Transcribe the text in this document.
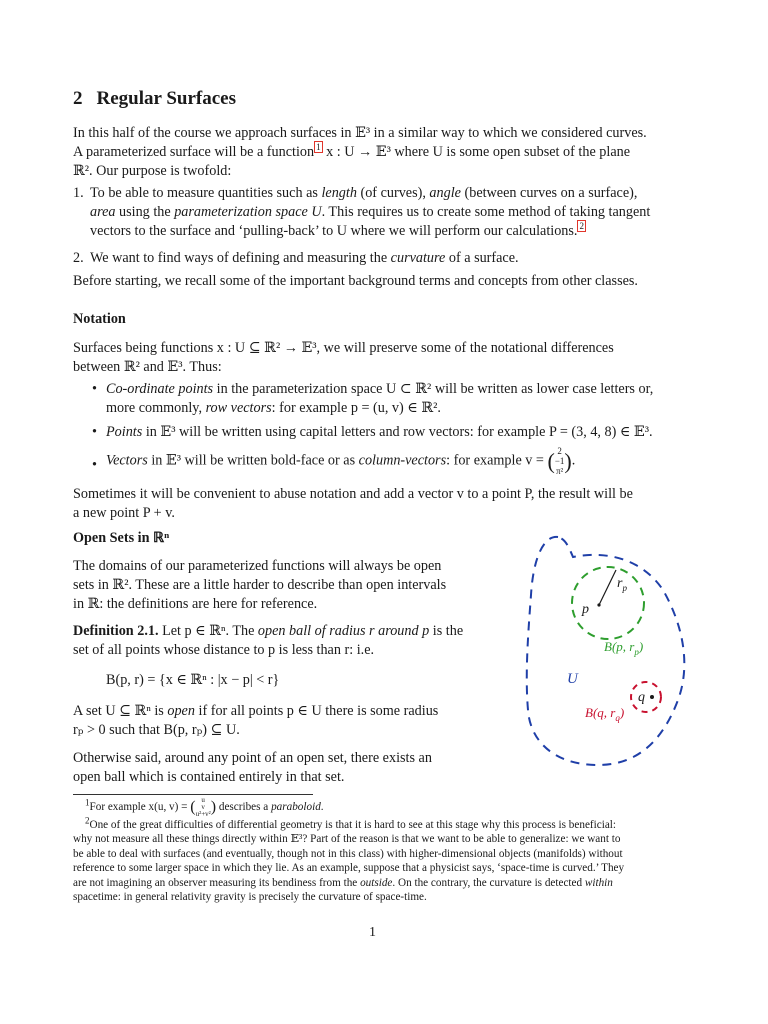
2 Regular Surfaces

In this half of the course we approach surfaces in 𝔼³ in a similar way to which we considered curves.

A parameterized surface will be a function $^1$ x : U → 𝔼³ where U is some open subset of the plane

ℝ². Our purpose is twofold:

1. To be able to measure quantities such as length (of curves), angle (between curves on a surface),

area using the parameterization space U. This requires us to create some method of taking tangent

vectors to the surface and ‘pulling-back’ to U where we will perform our calculations. $^2$

2. We want to find ways of defining and measuring the curvature of a surface.

Before starting, we recall some of the important background terms and concepts from other classes.

Notation

Surfaces being functions x : U ⊆ ℝ² → 𝔼³, we will preserve some of the notational differences

between ℝ² and 𝔼³. Thus:

• Co-ordinate points in the parameterization space U ⊂ ℝ² will be written as lower case letters or,

more commonly, row vectors: for example p = (u, v) ∈ ℝ².

• Points in 𝔼³ will be written using capital letters and row vectors: for example P = (3, 4, 8) ∈ 𝔼³.

• Vectors in 𝔼³ will be written bold-face or as column-vectors: for example v = ( 2
−1
π²).

Sometimes it will be convenient to abuse notation and add a vector v to a point P, the result will be

a new point P + v.

Open Sets in ℝⁿ

The domains of our parameterized functions will always be open

sets in ℝ². These are a little harder to describe than open intervals

in ℝ: the definitions are here for reference.

Definition 2.1. Let p ∈ ℝⁿ. The open ball of radius r around p is the

set of all points whose distance to p is less than r: i.e.

B(p, r) = {x ∈ ℝⁿ : |x − p| < r}

A set U ⊆ ℝⁿ is open if for all points p ∈ U there is some radius

rₚ > 0 such that B(p, rₚ) ⊆ U.

Otherwise said, around any point of an open set, there exists an

open ball which is contained entirely in that set.

p
$r_p$
B(p, $r_p$)
U
q
B(q, $r_q$)
$^1$For example x(u, v) = ( u
v
u²+v²) describes a paraboloid.

$^2$One of the great difficulties of differential geometry is that it is hard to see at this stage why this process is beneficial:

why not measure all these things directly within 𝔼³? Part of the reason is that we want to be able to generalize: we want to

be able to deal with surfaces (and eventually, though not in this class) with higher-dimensional objects (manifolds) without

reference to some larger space in which they lie. As an example, suppose that a physicist says, ‘space-time is curved.’ They

are not imagining an observer measuring its bendiness from the outside. On the contrary, the curvature is detected within

spacetime: in general relativity gravity is precisely the curvature of space-time.

1
